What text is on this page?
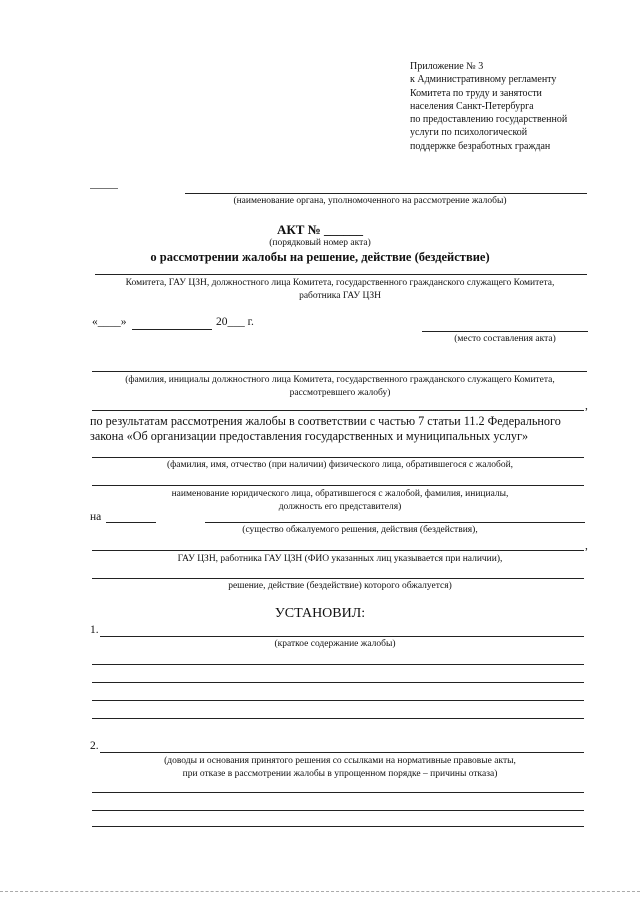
Приложение № 3
к Административному регламенту
Комитета по труду и занятости
населения Санкт-Петербурга
по предоставлению государственной
услуги по психологической
поддержке безработных граждан
(наименование органа, уполномоченного на рассмотрение жалобы)
АКТ № ______
(порядковый номер акта)
о рассмотрении жалобы на решение, действие (бездействие)
Комитета, ГАУ ЦЗН, должностного лица Комитета, государственного гражданского служащего Комитета,
работника ГАУ ЦЗН
«____»	20___ г.
(место составления акта)
(фамилия, инициалы должностного лица Комитета, государственного гражданского служащего Комитета,
рассмотревшего жалобу)
,
по результатам рассмотрения жалобы в соответствии с частью 7 статьи 11.2 Федерального
закона «Об организации предоставления государственных и муниципальных услуг»
(фамилия, имя, отчество (при наличии) физического лица, обратившегося с жалобой,
наименование юридического лица, обратившегося с жалобой, фамилия, инициалы,
должность его представителя)
на
(существо обжалуемого решения, действия (бездействия),
,
ГАУ ЦЗН, работника ГАУ ЦЗН (ФИО указанных лиц указывается при наличии),
решение, действие (бездействие) которого обжалуется)
УСТАНОВИЛ:
1.
(краткое содержание жалобы)
2.
(доводы и основания принятого решения со ссылками на нормативные правовые акты,
при отказе в рассмотрении жалобы в упрощенном порядке – причины отказа)
